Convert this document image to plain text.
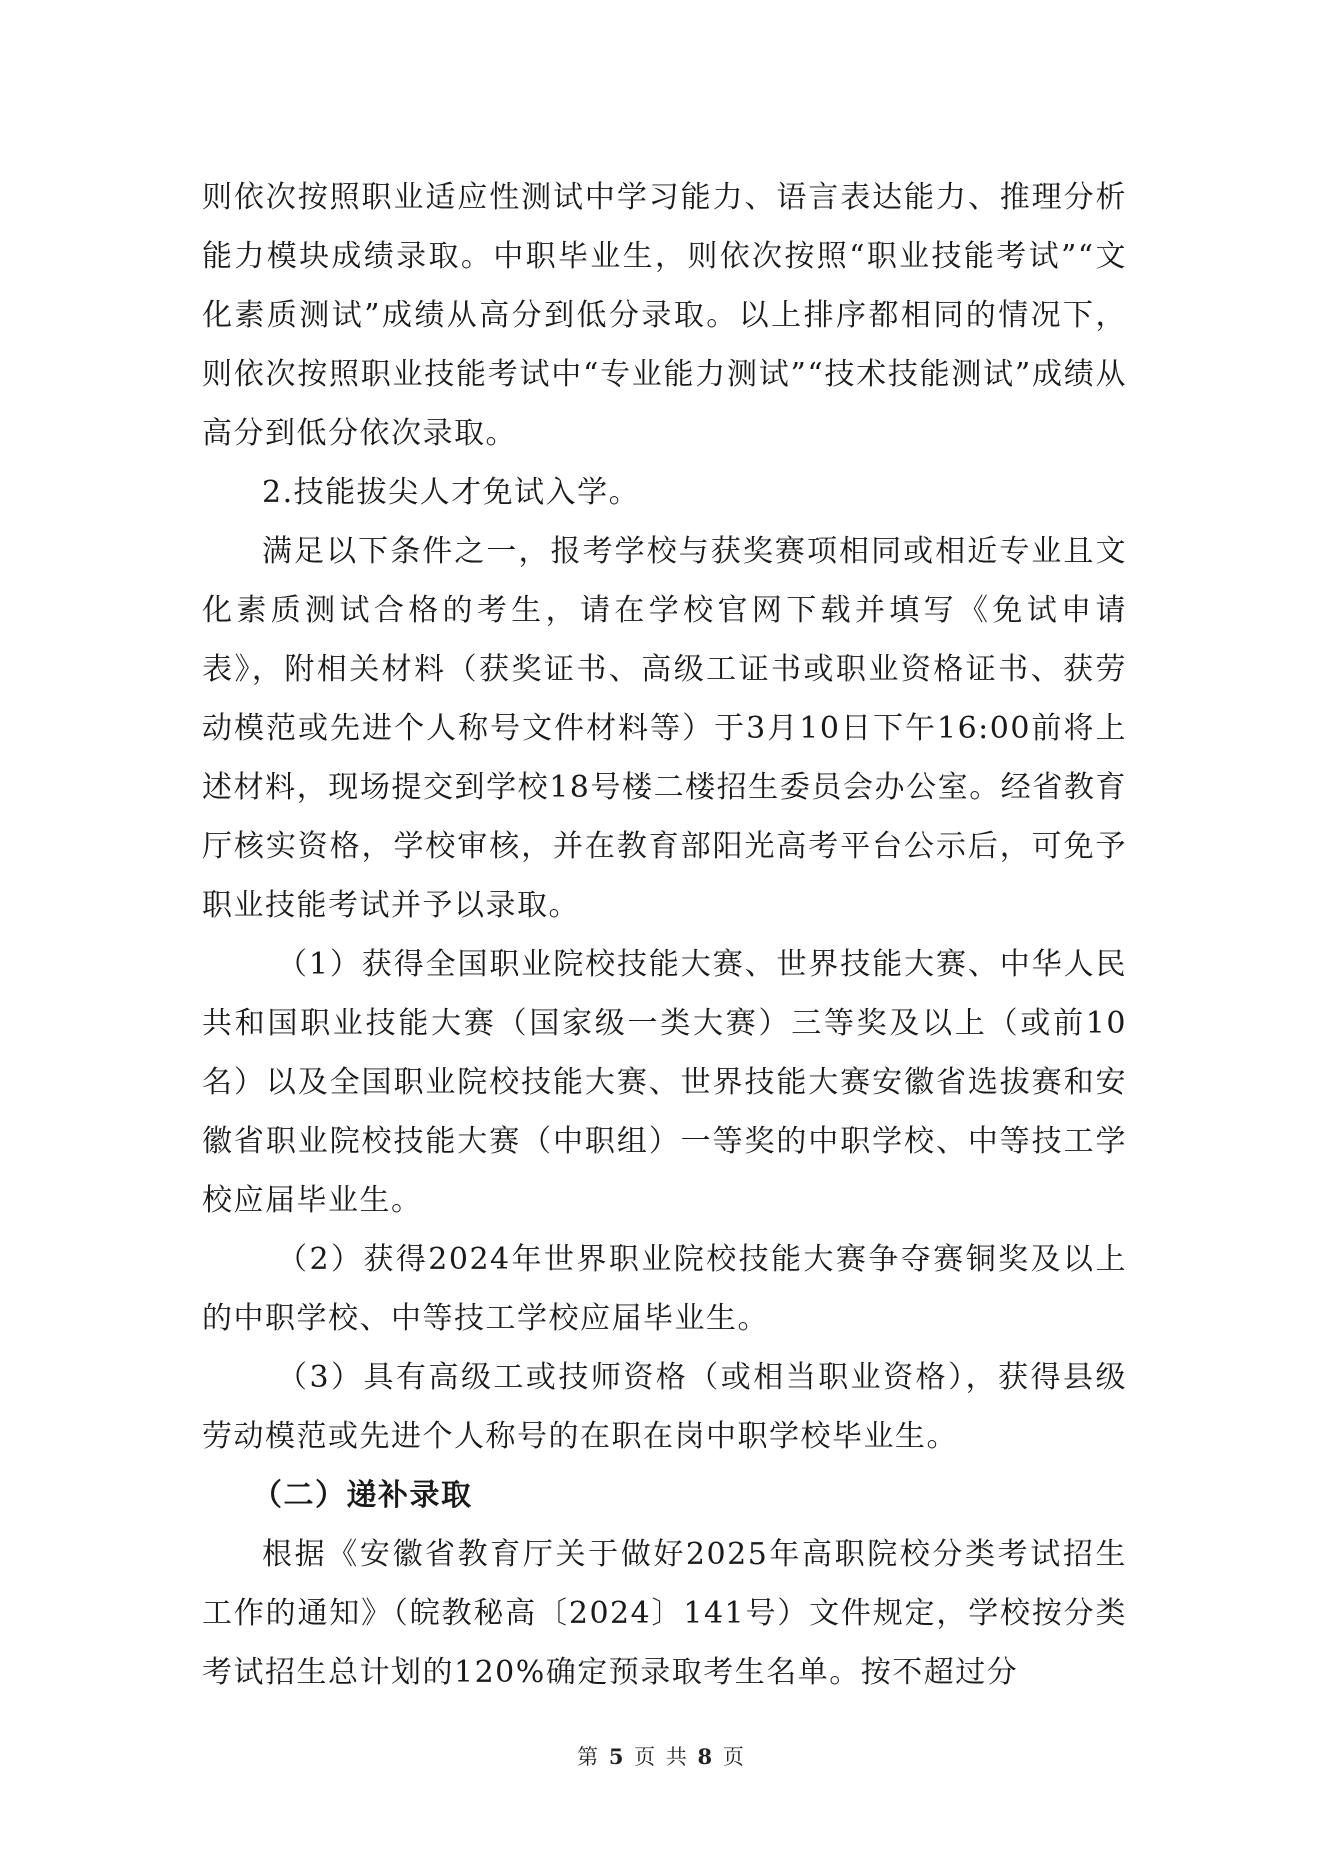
则依次按照职业适应性测试中学习能力、语言表达能力、推理分析能力模块成绩录取。中职毕业生，则依次按照“职业技能考试”“文化素质测试”成绩从高分到低分录取。以上排序都相同的情况下，则依次按照职业技能考试中“专业能力测试”“技术技能测试”成绩从高分到低分依次录取。

2.技能拔尖人才免试入学。

满足以下条件之一，报考学校与获奖赛项相同或相近专业且文化素质测试合格的考生，请在学校官网下载并填写《免试申请表》，附相关材料（获奖证书、高级工证书或职业资格证书、获劳动模范或先进个人称号文件材料等）于3月10日下午16:00前将上述材料，现场提交到学校18号楼二楼招生委员会办公室。经省教育厅核实资格，学校审核，并在教育部阳光高考平台公示后，可免予职业技能考试并予以录取。

（1）获得全国职业院校技能大赛、世界技能大赛、中华人民共和国职业技能大赛（国家级一类大赛）三等奖及以上（或前10名）以及全国职业院校技能大赛、世界技能大赛安徽省选拔赛和安徽省职业院校技能大赛（中职组）一等奖的中职学校、中等技工学校应届毕业生。

（2）获得2024年世界职业院校技能大赛争夺赛铜奖及以上的中职学校、中等技工学校应届毕业生。

（3）具有高级工或技师资格（或相当职业资格），获得县级劳动模范或先进个人称号的在职在岗中职学校毕业生。

（二）递补录取

根据《安徽省教育厅关于做好2025年高职院校分类考试招生工作的通知》（皖教秘高〔2024〕141号）文件规定，学校按分类考试招生总计划的120%确定预录取考生名单。按不超过分

第 5 页 共 8 页
